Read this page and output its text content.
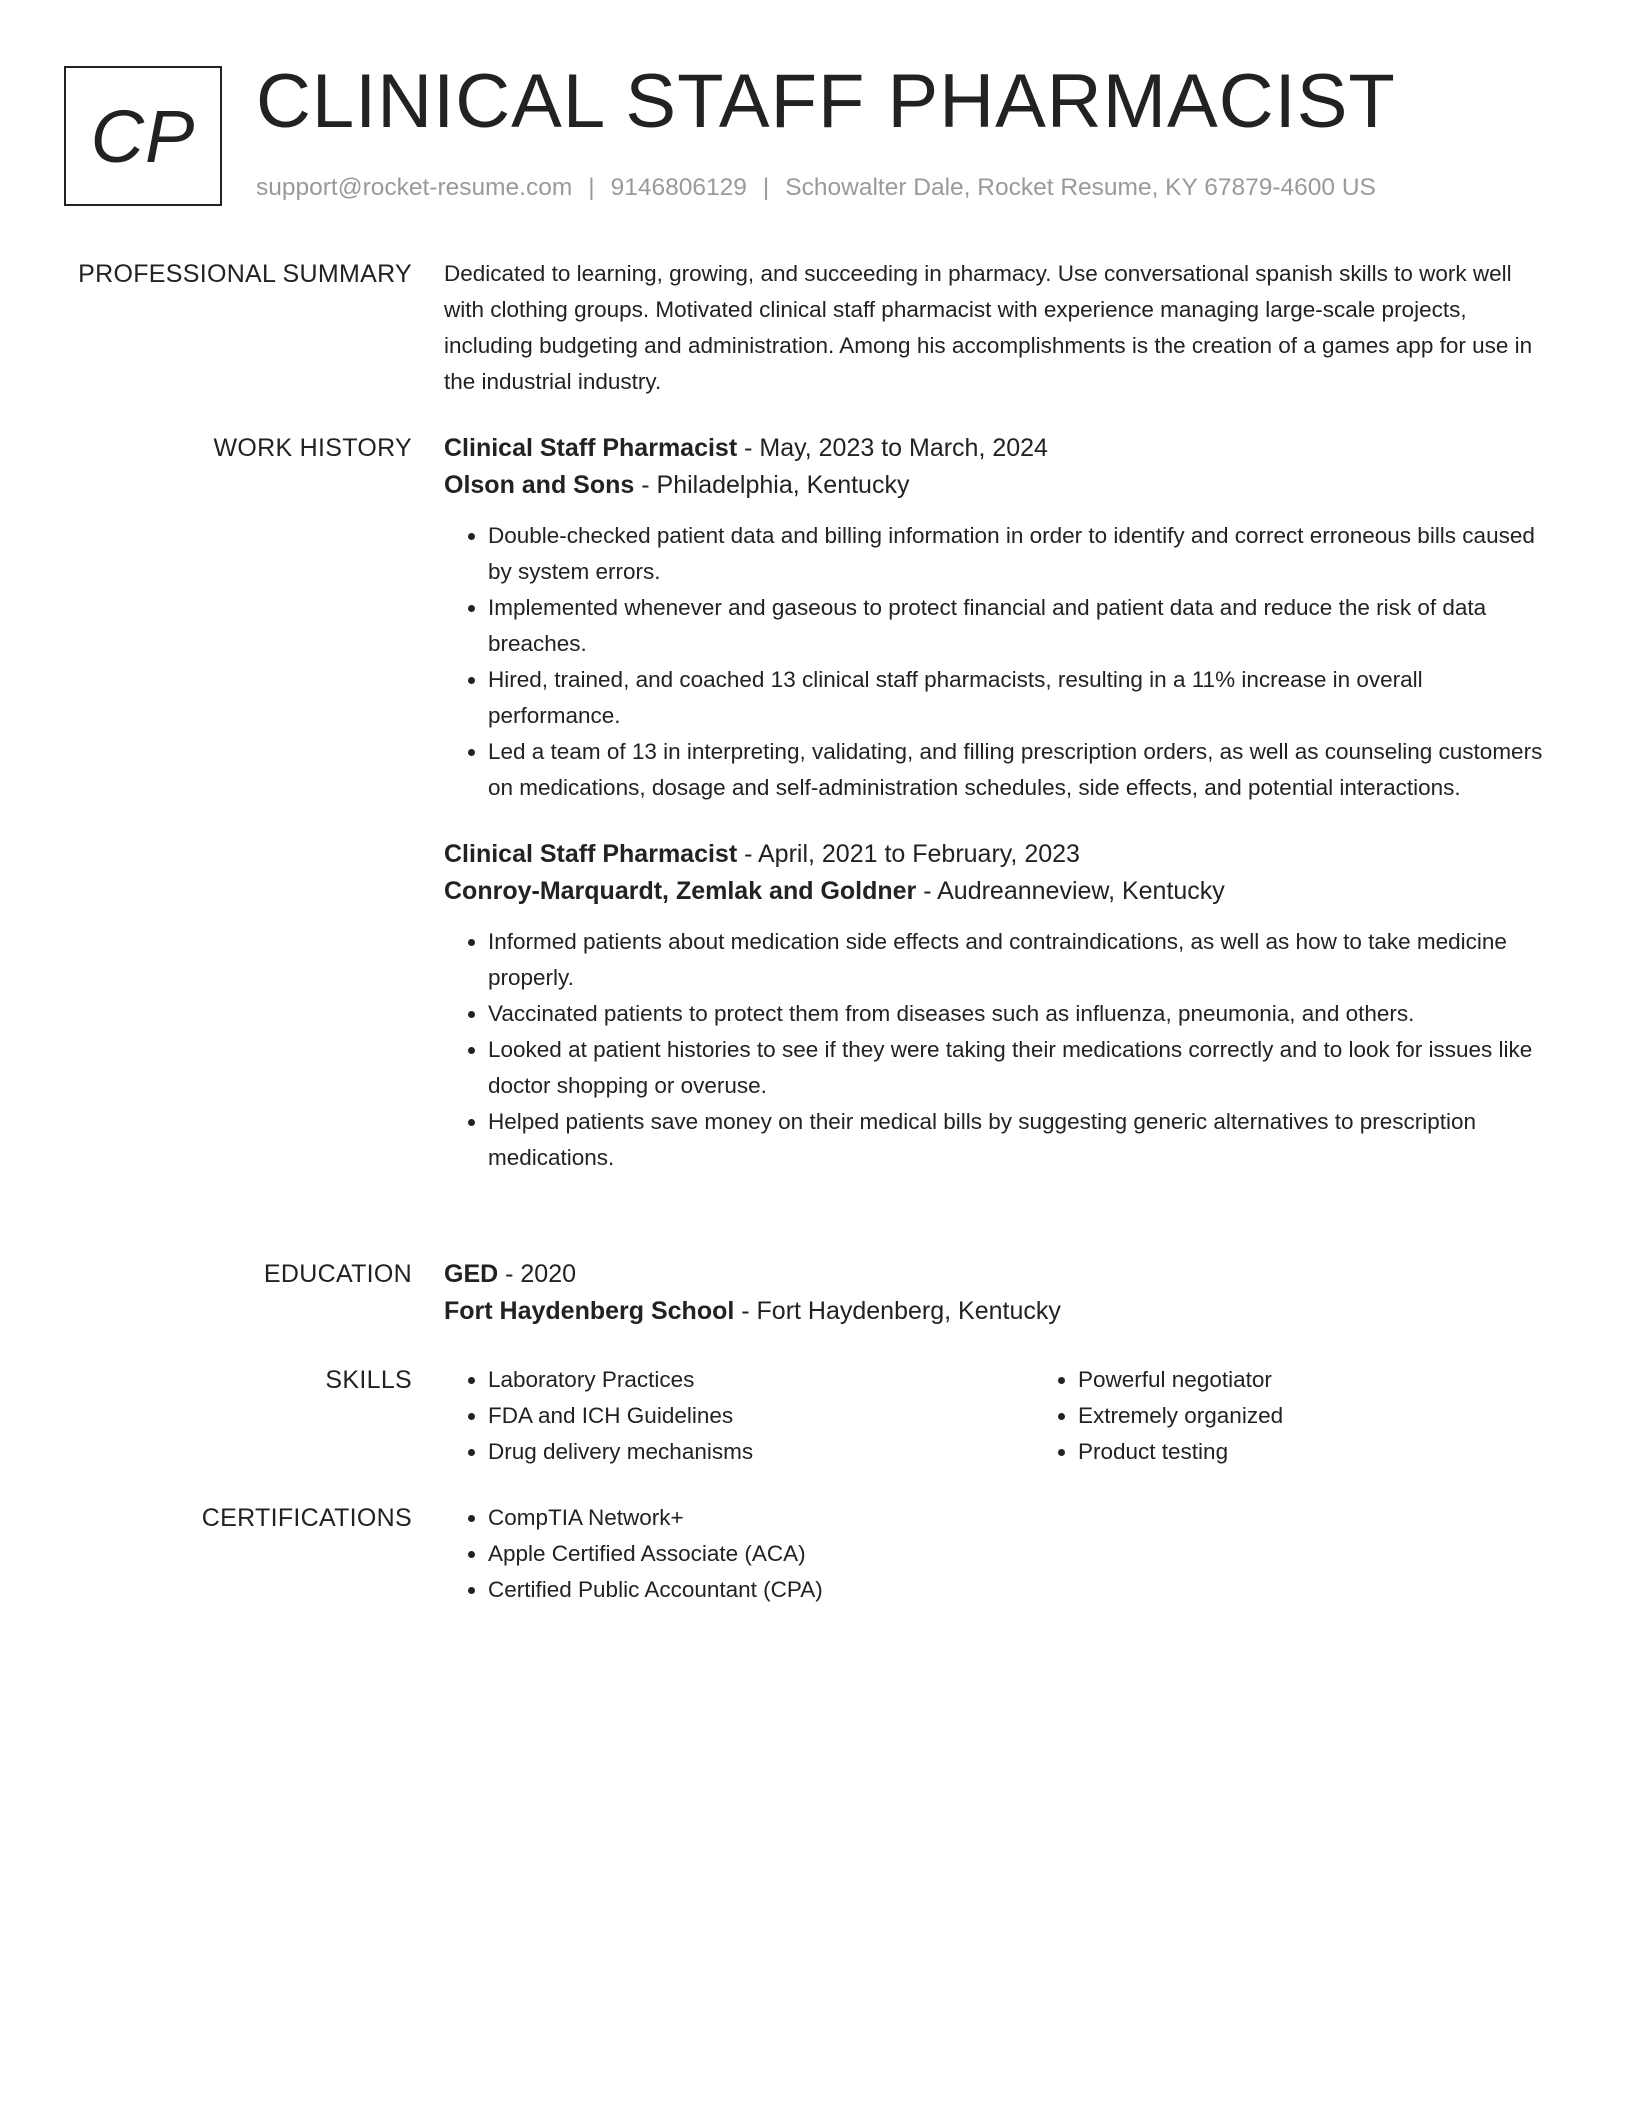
CP CLINICAL STAFF PHARMACIST
support@rocket-resume.com | 9146806129 | Schowalter Dale, Rocket Resume, KY 67879-4600 US
PROFESSIONAL SUMMARY Dedicated to learning, growing, and succeeding in pharmacy. Use conversational spanish skills to work well with clothing groups. Motivated clinical staff pharmacist with experience managing large-scale projects, including budgeting and administration. Among his accomplishments is the creation of a games app for use in the industrial industry.

WORK HISTORY Clinical Staff Pharmacist - May, 2023 to March, 2024

Olson and Sons - Philadelphia, Kentucky

• Double-checked patient data and billing information in order to identify and correct erroneous bills caused by system errors.
• Implemented whenever and gaseous to protect financial and patient data and reduce the risk of data breaches.
• Hired, trained, and coached 13 clinical staff pharmacists, resulting in a 11% increase in overall performance.
• Led a team of 13 in interpreting, validating, and filling prescription orders, as well as counseling customers on medications, dosage and self-administration schedules, side effects, and potential interactions.

Clinical Staff Pharmacist - April, 2021 to February, 2023

Conroy-Marquardt, Zemlak and Goldner - Audreanneview, Kentucky

• Informed patients about medication side effects and contraindications, as well as how to take medicine properly.
• Vaccinated patients to protect them from diseases such as influenza, pneumonia, and others.
• Looked at patient histories to see if they were taking their medications correctly and to look for issues like doctor shopping or overuse.
• Helped patients save money on their medical bills by suggesting generic alternatives to prescription medications.
EDUCATION GED - 2020

Fort Haydenberg School - Fort Haydenberg, Kentucky

SKILLS	• Laboratory Practices
• FDA and ICH Guidelines
• Drug delivery mechanisms
• Powerful negotiator
• Extremely organized
• Product testing
CERTIFICATIONS	• CompTIA Network+
• Apple Certified Associate (ACA)
• Certified Public Accountant (CPA)
